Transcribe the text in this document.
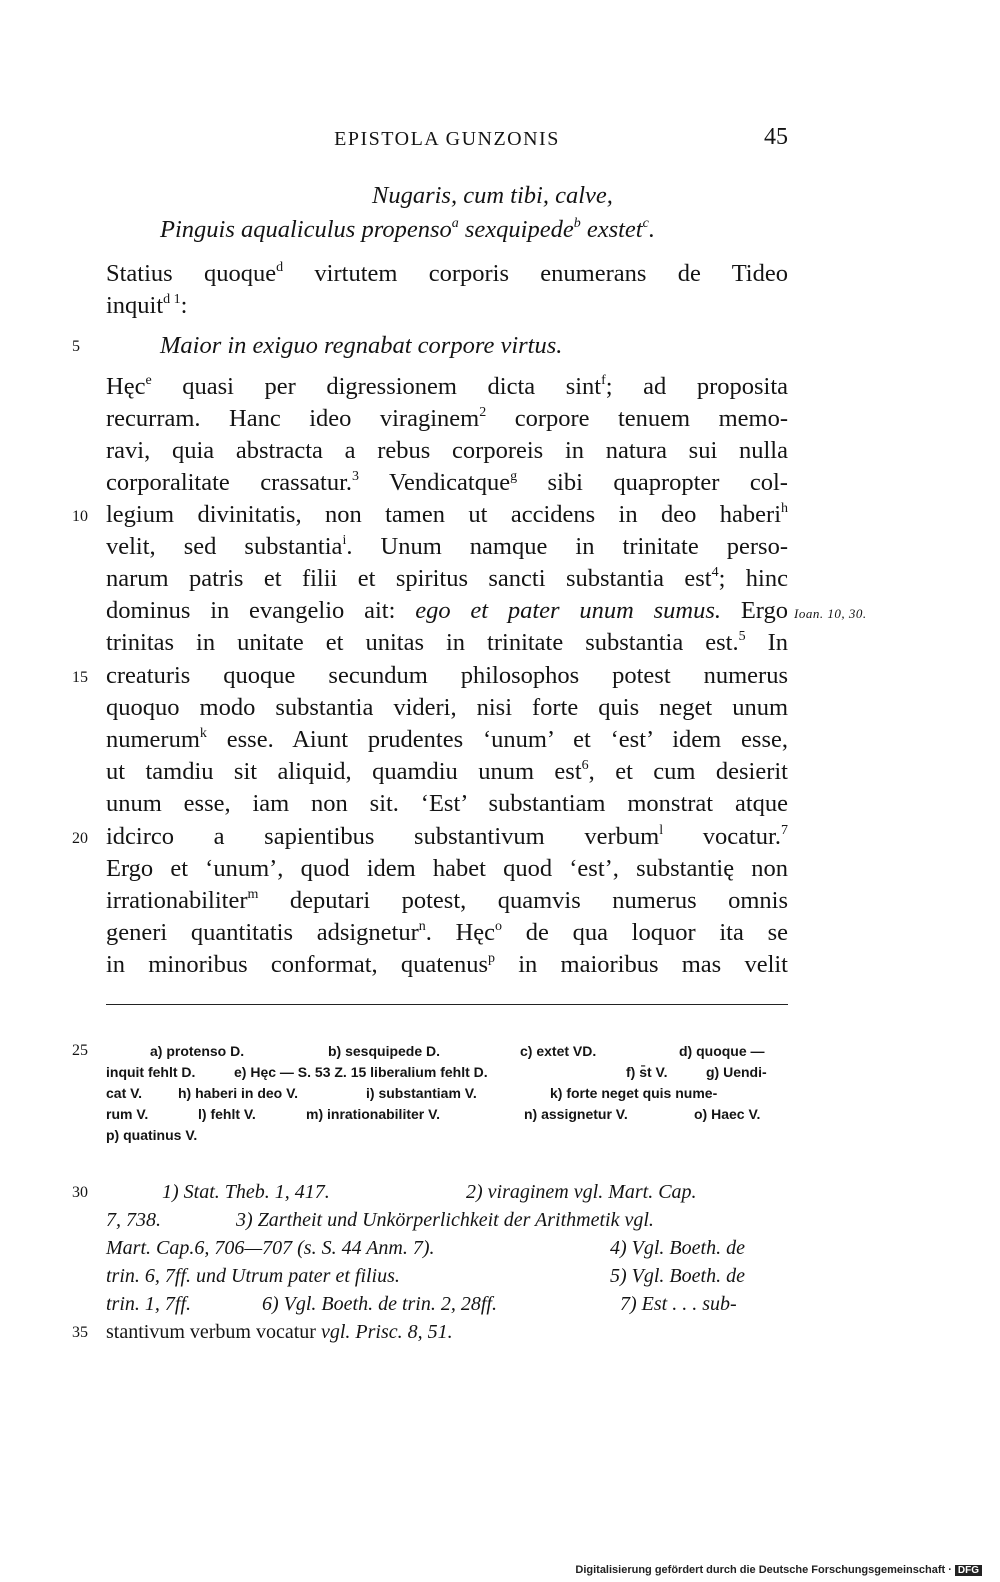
EPISTOLA GUNZONIS	45
Nugaris, cum tibi, calve,
Pinguis aqualiculus propenso$^a$ sexquipede$^b$ exstet$^c$.
Statius quoque$^d$ virtutem corporis enumerans de Tideo
inquit$^{d 1}$:
5	Maior in exiguo regnabat corpore virtus.
Hęc$^e$ quasi per digressionem dicta sint$^f$; ad proposita
recurram. Hanc ideo viraginem$^2$ corpore tenuem memo-
ravi, quia abstracta a rebus corporeis in natura sui nulla
corporalitate crassatur.$^3$ Vendicatque$^g$ sibi quapropter col-
10 legium divinitatis, non tamen ut accidens in deo haberi$^h$
velit, sed substantia$^i$. Unum namque in trinitate perso-
narum patris et filii et spiritus sancti substantia est$^4$; hinc
dominus in evangelio ait: ego et pater unum sumus. Ergo Ioan. 10, 30.
trinitas in unitate et unitas in trinitate substantia est.$^5$ In
15 creaturis quoque secundum philosophos potest numerus
quoquo modo substantia videri, nisi forte quis neget unum
numerum$^k$ esse. Aiunt prudentes ‘unum’ et ‘est’ idem esse,
ut tamdiu sit aliquid, quamdiu unum est$^6$, et cum desierit
unum esse, iam non sit. ‘Est’ substantiam monstrat atque
20 idcirco a sapientibus substantivum verbum$^l$ vocatur.$^7$
Ergo et ‘unum’, quod idem habet quod ‘est’, substantię non
irrationabiliter$^m$ deputari potest, quamvis numerus omnis
generi quantitatis adsignetur$^n$. Hęc$^o$ de qua loquor ita se
in minoribus conformat, quatenus$^p$ in maioribus mas velit
25	a) protenso D.	b) sesquipede D.	c) extet VD.	d) quoque —
inquit fehlt D.	e) Hęc — S. 53 Z. 15 liberalium fehlt D.	f) s̄t V.	g) Uendi-
cat V.	h) haberi in deo V.	i) substantiam V.	k) forte neget quis nume-
rum V.	l) fehlt V.	m) inrationabiliter V.	n) assignetur V.	o) Haec V.
p) quatinus V.
30	1) Stat. Theb. 1, 417.	2) viraginem vgl. Mart. Cap.
7, 738.	3) Zartheit und Unkörperlichkeit der Arithmetik vgl.
Mart. Cap.6, 706—707 (s. S. 44 Anm. 7).	4) Vgl. Boeth. de
trin. 6, 7ff. und Utrum pater et filius.	5) Vgl. Boeth. de
trin. 1, 7ff.	6) Vgl. Boeth. de trin. 2, 28ff.	7) Est . . . sub-
35 stantivum verbum vocatur vgl. Prisc. 8, 51.
Digitalisierung gefördert durch die Deutsche Forschungsgemeinschaft · DFG
